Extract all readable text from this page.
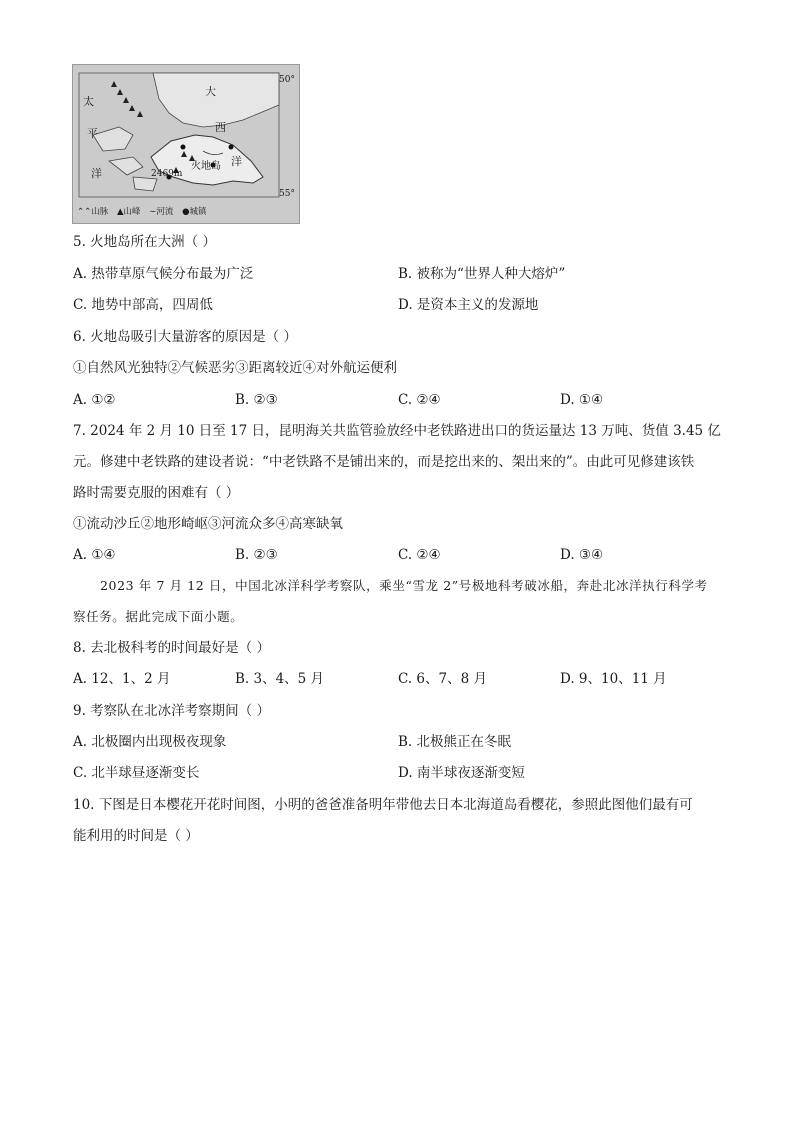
50°
55°
太
平
洋
大
西
洋
火地岛
2469m
⌃⌃山脉 ▲山峰 ∼河流 ●城镇
5. 火地岛所在大洲（ ）
A. 热带草原气候分布最为广泛	B. 被称为“世界人种大熔炉”
C. 地势中部高，四周低	D. 是资本主义的发源地
6. 火地岛吸引大量游客的原因是（ ）
①自然风光独特②气候恶劣③距离较近④对外航运便利
A. ①②	B. ②③	C. ②④	D. ①④
7. 2024 年 2 月 10 日至 17 日，昆明海关共监管验放经中老铁路进出口的货运量达 13 万吨、货值 3.45 亿
元。修建中老铁路的建设者说：“中老铁路不是铺出来的，而是挖出来的、架出来的”。由此可见修建该铁
路时需要克服的困难有（ ）
①流动沙丘②地形崎岖③河流众多④高寒缺氧
A. ①④	B. ②③	C. ②④	D. ③④
2023 年 7 月 12 日，中国北冰洋科学考察队，乘坐“雪龙 2”号极地科考破冰船，奔赴北冰洋执行科学考
察任务。据此完成下面小题。
8. 去北极科考的时间最好是（ ）
A. 12、1、2 月	B. 3、4、5 月	C. 6、7、8 月	D. 9、10、11 月
9. 考察队在北冰洋考察期间（ ）
A. 北极圈内出现极夜现象	B. 北极熊正在冬眠
C. 北半球昼逐渐变长	D. 南半球夜逐渐变短
10. 下图是日本樱花开花时间图，小明的爸爸准备明年带他去日本北海道岛看樱花，参照此图他们最有可
能利用的时间是（ ）
